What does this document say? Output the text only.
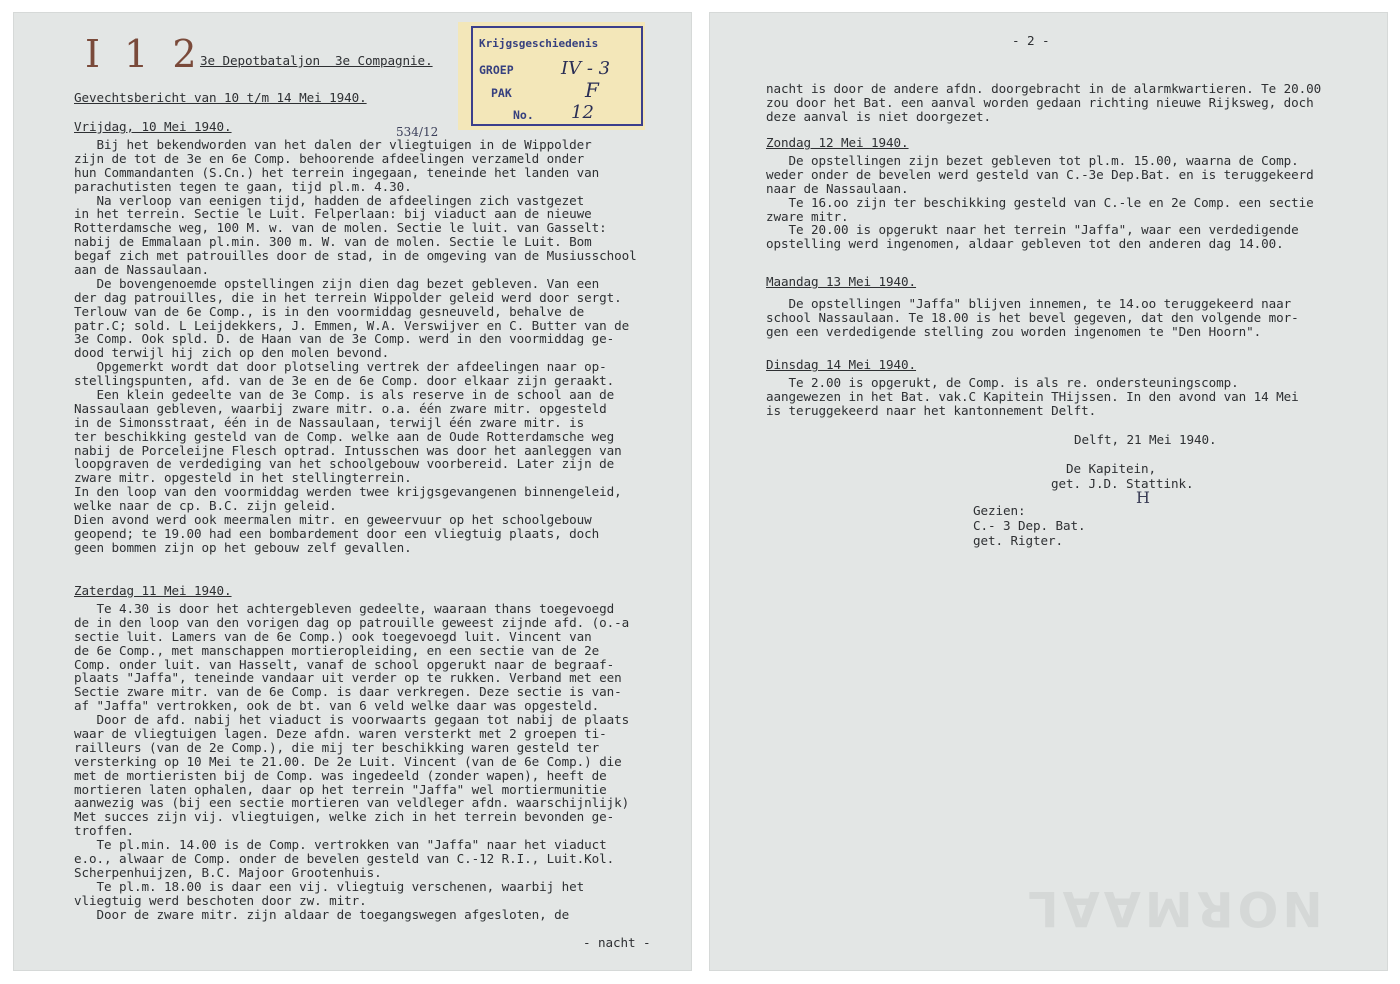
I 1 2
3e Depotbataljon  3e Compagnie.
Gevechtsbericht van 10 t/m 14 Mei 1940.
Vrijdag, 10 Mei 1940.	534/12
Bij het bekendworden van het dalen der vliegtuigen in de Wippolder
zijn de tot de 3e en 6e Comp. behoorende afdeelingen verzameld onder
hun Commandanten (S.Cn.) het terrein ingegaan, teneinde het landen van
parachutisten tegen te gaan, tijd pl.m. 4.30.
Na verloop van eenigen tijd, hadden de afdeelingen zich vastgezet
in het terrein. Sectie le Luit. Felperlaan: bij viaduct aan de nieuwe
Rotterdamsche weg, 100 M. w. van de molen. Sectie le luit. van Gasselt:
nabij de Emmalaan pl.min. 300 m. W. van de molen. Sectie le Luit. Bom
begaf zich met patrouilles door de stad, in de omgeving van de Musiusschool
aan de Nassaulaan.
De bovengenoemde opstellingen zijn dien dag bezet gebleven. Van een
der dag patrouilles, die in het terrein Wippolder geleid werd door sergt.
Terlouw van de 6e Comp., is in den voormiddag gesneuveld, behalve de
patr.C; sold. L Leijdekkers, J. Emmen, W.A. Verswijver en C. Butter van de
3e Comp. Ook spld. D. de Haan van de 3e Comp. werd in den voormiddag ge-
dood terwijl hij zich op den molen bevond.
Opgemerkt wordt dat door plotseling vertrek der afdeelingen naar op-
stellingspunten, afd. van de 3e en de 6e Comp. door elkaar zijn geraakt.
Een klein gedeelte van de 3e Comp. is als reserve in de school aan de
Nassaulaan gebleven, waarbij zware mitr. o.a. één zware mitr. opgesteld
in de Simonsstraat, één in de Nassaulaan, terwijl één zware mitr. is
ter beschikking gesteld van de Comp. welke aan de Oude Rotterdamsche weg
nabij de Porceleijne Flesch optrad. Intusschen was door het aanleggen van
loopgraven de verdediging van het schoolgebouw voorbereid. Later zijn de
zware mitr. opgesteld in het stellingterrein.
In den loop van den voormiddag werden twee krijgsgevangenen binnengeleid,
welke naar de cp. B.C. zijn geleid.
Dien avond werd ook meermalen mitr. en geweervuur op het schoolgebouw
geopend; te 19.00 had een bombardement door een vliegtuig plaats, doch
geen bommen zijn op het gebouw zelf gevallen.
Zaterdag 11 Mei 1940.
Te 4.30 is door het achtergebleven gedeelte, waaraan thans toegevoegd
de in den loop van den vorigen dag op patrouille geweest zijnde afd. (o.-a
sectie luit. Lamers van de 6e Comp.) ook toegevoegd luit. Vincent van
de 6e Comp., met manschappen mortieropleiding, en een sectie van de 2e
Comp. onder luit. van Hasselt, vanaf de school opgerukt naar de begraaf-
plaats "Jaffa", teneinde vandaar uit verder op te rukken. Verband met een
Sectie zware mitr. van de 6e Comp. is daar verkregen. Deze sectie is van-
af "Jaffa" vertrokken, ook de bt. van 6 veld welke daar was opgesteld.
Door de afd. nabij het viaduct is voorwaarts gegaan tot nabij de plaats
waar de vliegtuigen lagen. Deze afdn. waren versterkt met 2 groepen ti-
railleurs (van de 2e Comp.), die mij ter beschikking waren gesteld ter
versterking op 10 Mei te 21.00. De 2e Luit. Vincent (van de 6e Comp.) die
met de mortieristen bij de Comp. was ingedeeld (zonder wapen), heeft de
mortieren laten ophalen, daar op het terrein "Jaffa" wel mortiermunitie
aanwezig was (bij een sectie mortieren van veldleger afdn. waarschijnlijk)
Met succes zijn vij. vliegtuigen, welke zich in het terrein bevonden ge-
troffen.
Te pl.min. 14.00 is de Comp. vertrokken van "Jaffa" naar het viaduct
e.o., alwaar de Comp. onder de bevelen gesteld van C.-12 R.I., Luit.Kol.
Scherpenhuijzen, B.C. Majoor Grootenhuis.
Te pl.m. 18.00 is daar een vij. vliegtuig verschenen, waarbij het
vliegtuig werd beschoten door zw. mitr.
Door de zware mitr. zijn aldaar de toegangswegen afgesloten, de
- nacht -
Krijgsgeschiedenis
GROEP	IV - 3
PAK	F
No. 12
NORMAAL
- 2 -
nacht is door de andere afdn. doorgebracht in de alarmkwartieren. Te 20.00
zou door het Bat. een aanval worden gedaan richting nieuwe Rijksweg, doch
deze aanval is niet doorgezet.
Zondag 12 Mei 1940.
De opstellingen zijn bezet gebleven tot pl.m. 15.00, waarna de Comp.
weder onder de bevelen werd gesteld van C.-3e Dep.Bat. en is teruggekeerd
naar de Nassaulaan.
Te 16.oo zijn ter beschikking gesteld van C.-le en 2e Comp. een sectie
zware mitr.
Te 20.00 is opgerukt naar het terrein "Jaffa", waar een verdedigende
opstelling werd ingenomen, aldaar gebleven tot den anderen dag 14.00.
Maandag 13 Mei 1940.
De opstellingen "Jaffa" blijven innemen, te 14.oo teruggekeerd naar
school Nassaulaan. Te 18.00 is het bevel gegeven, dat den volgende mor-
gen een verdedigende stelling zou worden ingenomen te "Den Hoorn".
Dinsdag 14 Mei 1940.
Te 2.00 is opgerukt, de Comp. is als re. ondersteuningscomp.
aangewezen in het Bat. vak.C Kapitein THijssen. In den avond van 14 Mei
is teruggekeerd naar het kantonnement Delft.
Delft, 21 Mei 1940.
De Kapitein,
get. J.D. Stattink.
H
Gezien:
C.- 3 Dep. Bat.
get. Rigter.
